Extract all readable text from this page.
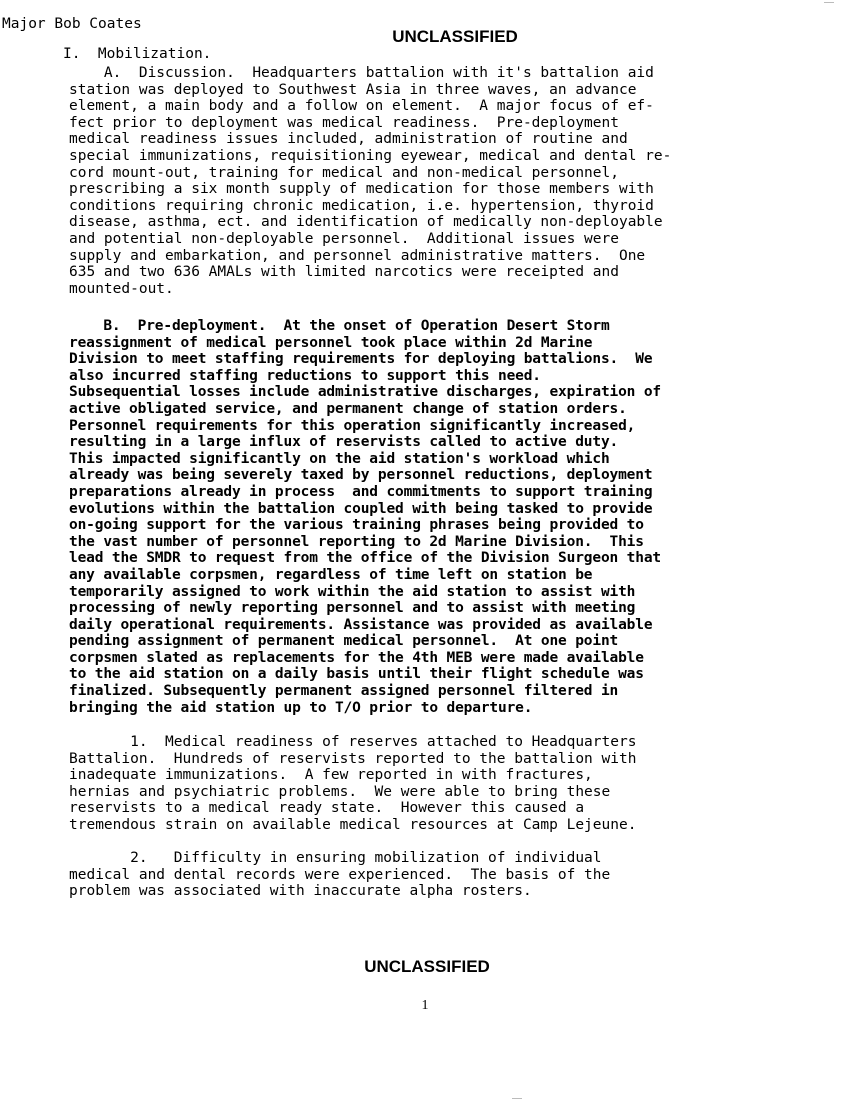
Major Bob Coates
UNCLASSIFIED
I.  Mobilization.

A.  Discussion.  Headquarters battalion with it's battalion aid

station was deployed to Southwest Asia in three waves, an advance

element, a main body and a follow on element.  A major focus of ef-

fect prior to deployment was medical readiness.  Pre-deployment

medical readiness issues included, administration of routine and

special immunizations, requisitioning eyewear, medical and dental re-

cord mount-out, training for medical and non-medical personnel,

prescribing a six month supply of medication for those members with

conditions requiring chronic medication, i.e. hypertension, thyroid

disease, asthma, ect. and identification of medically non-deployable

and potential non-deployable personnel.  Additional issues were

supply and embarkation, and personnel administrative matters.  One

635 and two 636 AMALs with limited narcotics were receipted and

mounted-out.

B.  Pre-deployment.  At the onset of Operation Desert Storm

reassignment of medical personnel took place within 2d Marine

Division to meet staffing requirements for deploying battalions.  We

also incurred staffing reductions to support this need.

Subsequential losses include administrative discharges, expiration of

active obligated service, and permanent change of station orders.

Personnel requirements for this operation significantly increased,

resulting in a large influx of reservists called to active duty.

This impacted significantly on the aid station's workload which

already was being severely taxed by personnel reductions, deployment

preparations already in process  and commitments to support training

evolutions within the battalion coupled with being tasked to provide

on-going support for the various training phrases being provided to

the vast number of personnel reporting to 2d Marine Division.  This

lead the SMDR to request from the office of the Division Surgeon that

any available corpsmen, regardless of time left on station be

temporarily assigned to work within the aid station to assist with

processing of newly reporting personnel and to assist with meeting

daily operational requirements. Assistance was provided as available

pending assignment of permanent medical personnel.  At one point

corpsmen slated as replacements for the 4th MEB were made available

to the aid station on a daily basis until their flight schedule was

finalized. Subsequently permanent assigned personnel filtered in

bringing the aid station up to T/O prior to departure.

1.  Medical readiness of reserves attached to Headquarters

Battalion.  Hundreds of reservists reported to the battalion with

inadequate immunizations.  A few reported in with fractures,

hernias and psychiatric problems.  We were able to bring these

reservists to a medical ready state.  However this caused a

tremendous strain on available medical resources at Camp Lejeune.

2.   Difficulty in ensuring mobilization of individual

medical and dental records were experienced.  The basis of the

problem was associated with inaccurate alpha rosters.

UNCLASSIFIED
1
